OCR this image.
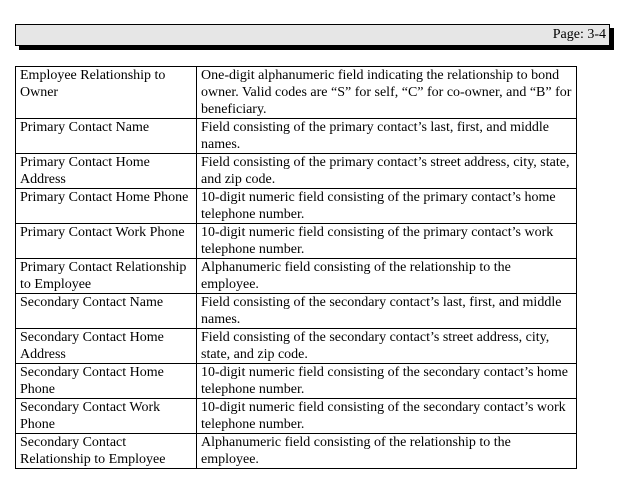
Page: 3-4
Employee Relationship to Owner	One-digit alphanumeric field indicating the relationship to bond owner. Valid codes are “S” for self, “C” for co-owner, and “B” for beneficiary.
Primary Contact Name	Field consisting of the primary contact’s last, first, and middle names.
Primary Contact Home Address	Field consisting of the primary contact’s street address, city, state, and zip code.
Primary Contact Home Phone	10-digit numeric field consisting of the primary contact’s home telephone number.
Primary Contact Work Phone	10-digit numeric field consisting of the primary contact’s work telephone number.
Primary Contact Relationship to Employee	Alphanumeric field consisting of the relationship to the employee.
Secondary Contact Name	Field consisting of the secondary contact’s last, first, and middle names.
Secondary Contact Home Address	Field consisting of the secondary contact’s street address, city, state, and zip code.
Secondary Contact Home Phone	10-digit numeric field consisting of the secondary contact’s home telephone number.
Secondary Contact Work Phone	10-digit numeric field consisting of the secondary contact’s work telephone number.
Secondary Contact Relationship to Employee	Alphanumeric field consisting of the relationship to the employee.
